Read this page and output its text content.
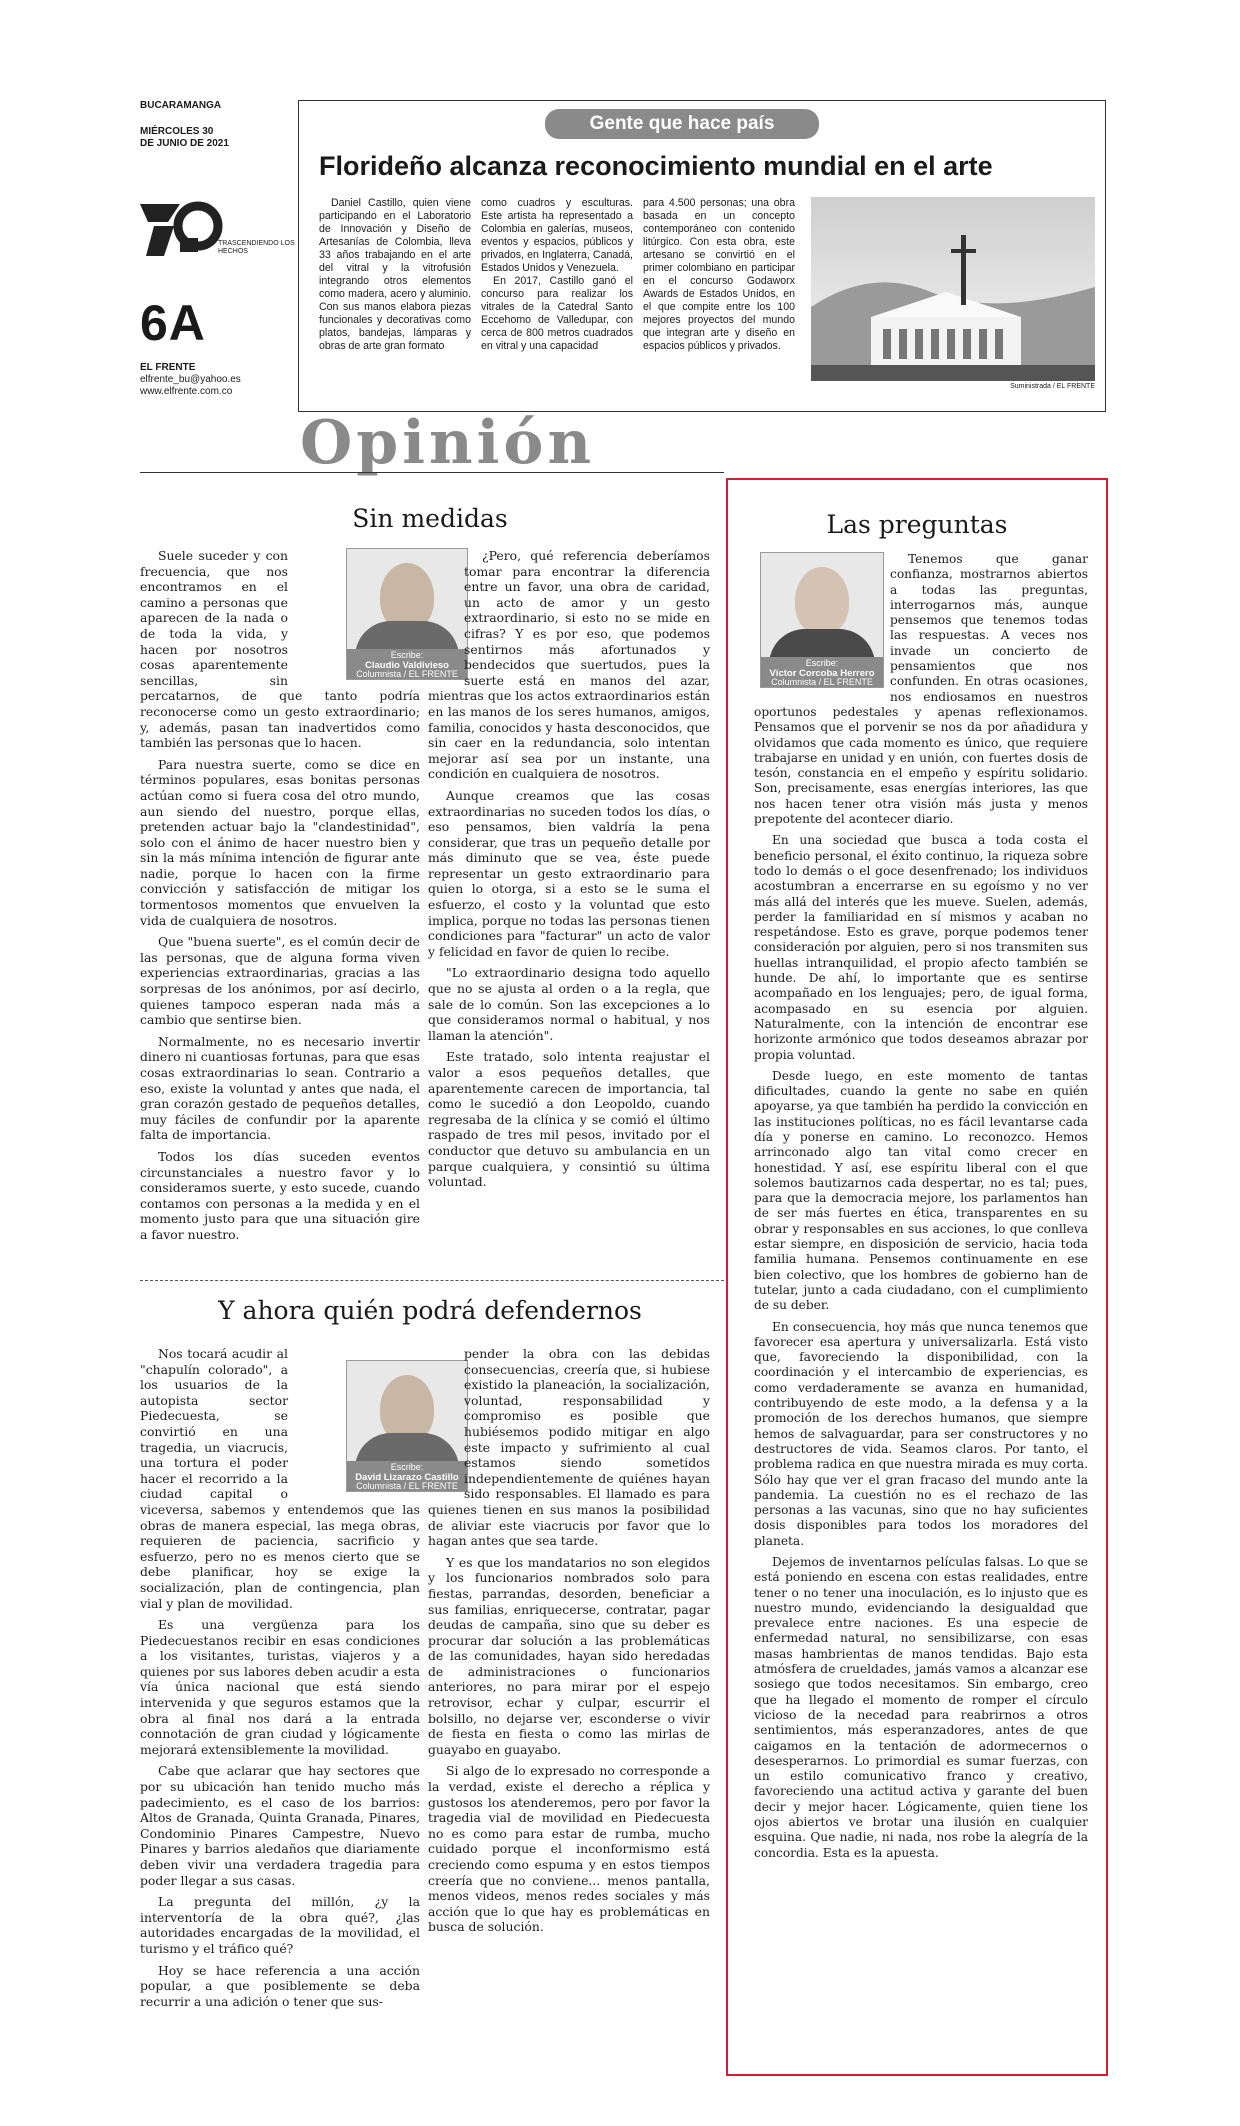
BUCARAMANGA
MIÉRCOLES 30
DE JUNIO DE 2021
TRASCENDIENDO LOS HECHOS
6A
EL FRENTE
elfrente_bu@yahoo.es
www.elfrente.com.co
Gente que hace país
Florideño alcanza reconocimiento mundial en el arte

Daniel Castillo, quien viene participando en el Laboratorio de Innovación y Diseño de Artesanías de Colombia, lleva 33 años trabajando en el arte del vitral y la vitrofusión integrando otros elementos como madera, acero y aluminio. Con sus manos elabora piezas funcionales y decorativas como platos, bandejas, lámparas y obras de arte gran formato

como cuadros y esculturas. Este artista ha representado a Colombia en galerías, museos, eventos y espacios, públicos y privados, en Inglaterra, Canadá, Estados Unidos y Venezuela.

En 2017, Castillo ganó el concurso para realizar los vitrales de la Catedral Santo Eccehomo de Valledupar, con cerca de 800 metros cuadrados en vitral y una capacidad

para 4.500 personas; una obra basada en un concepto contemporáneo con contenido litúrgico. Con esta obra, este artesano se convirtió en el primer colombiano en participar en el concurso Godaworx Awards de Estados Unidos, en el que compite entre los 100 mejores proyectos del mundo que integran arte y diseño en espacios públicos y privados.

Suministrada / EL FRENTE
Opinión
Sin medidas
Escribe:
Claudio Valdivieso
Columnista / EL FRENTE

Suele suceder y con frecuencia, que nos encontramos en el camino a personas que aparecen de la nada o de toda la vida, y hacen por nosotros cosas aparentemente sencillas, sin percatarnos, de que tanto podría reconocerse como un gesto extraordinario; y, además, pasan tan inadvertidos como también las personas que lo hacen.

Para nuestra suerte, como se dice en términos populares, esas bonitas personas actúan como si fuera cosa del otro mundo, aun siendo del nuestro, porque ellas, pretenden actuar bajo la "clandestinidad", solo con el ánimo de hacer nuestro bien y sin la más mínima intención de figurar ante nadie, porque lo hacen con la firme convicción y satisfacción de mitigar los tormentosos momentos que envuelven la vida de cualquiera de nosotros.

Que "buena suerte", es el común decir de las personas, que de alguna forma viven experiencias extraordinarias, gracias a las sorpresas de los anónimos, por así decirlo, quienes tampoco esperan nada más a cambio que sentirse bien.

Normalmente, no es necesario invertir dinero ni cuantiosas fortunas, para que esas cosas extraordinarias lo sean. Contrario a eso, existe la voluntad y antes que nada, el gran corazón gestado de pequeños detalles, muy fáciles de confundir por la aparente falta de importancia.

Todos los días suceden eventos circunstanciales a nuestro favor y lo consideramos suerte, y esto sucede, cuando contamos con personas a la medida y en el momento justo para que una situación gire a favor nuestro.

¿Pero, qué referencia deberíamos tomar para encontrar la diferencia entre un favor, una obra de caridad, un acto de amor y un gesto extraordinario, si esto no se mide en cifras? Y es por eso, que podemos sentirnos más afortunados y bendecidos que suertudos, pues la suerte está en manos del azar, mientras que los actos extraordinarios están en las manos de los seres humanos, amigos, familia, conocidos y hasta desconocidos, que sin caer en la redundancia, solo intentan mejorar así sea por un instante, una condición en cualquiera de nosotros.

Aunque creamos que las cosas extraordinarias no suceden todos los días, o eso pensamos, bien valdría la pena considerar, que tras un pequeño detalle por más diminuto que se vea, éste puede representar un gesto extraordinario para quien lo otorga, si a esto se le suma el esfuerzo, el costo y la voluntad que esto implica, porque no todas las personas tienen condiciones para "facturar" un acto de valor y felicidad en favor de quien lo recibe.

"Lo extraordinario designa todo aquello que no se ajusta al orden o a la regla, que sale de lo común. Son las excepciones a lo que consideramos normal o habitual, y nos llaman la atención".

Este tratado, solo intenta reajustar el valor a esos pequeños detalles, que aparentemente carecen de importancia, tal como le sucedió a don Leopoldo, cuando regresaba de la clínica y se comió el último raspado de tres mil pesos, invitado por el conductor que detuvo su ambulancia en un parque cualquiera, y consintió su última voluntad.

Y ahora quién podrá defendernos
Escribe:
David Lizarazo Castillo
Columnista / EL FRENTE

Nos tocará acudir al "chapulín colorado", a los usuarios de la autopista sector Piedecuesta, se convirtió en una tragedia, un viacrucis, una tortura el poder hacer el recorrido a la ciudad capital o viceversa, sabemos y entendemos que las obras de manera especial, las mega obras, requieren de paciencia, sacrificio y esfuerzo, pero no es menos cierto que se debe planificar, hoy se exige la socialización, plan de contingencia, plan vial y plan de movilidad.

Es una vergüenza para los Piedecuestanos recibir en esas condiciones a los visitantes, turistas, viajeros y a quienes por sus labores deben acudir a esta vía única nacional que está siendo intervenida y que seguros estamos que la obra al final nos dará a la entrada connotación de gran ciudad y lógicamente mejorará extensiblemente la movilidad.

Cabe que aclarar que hay sectores que por su ubicación han tenido mucho más padecimiento, es el caso de los barrios: Altos de Granada, Quinta Granada, Pinares, Condominio Pinares Campestre, Nuevo Pinares y barrios aledaños que diariamente deben vivir una verdadera tragedia para poder llegar a sus casas.

La pregunta del millón, ¿y la interventoría de la obra qué?, ¿las autoridades encargadas de la movilidad, el turismo y el tráfico qué?

Hoy se hace referencia a una acción popular, a que posiblemente se deba recurrir a una adición o tener que sus-

pender la obra con las debidas consecuencias, creería que, si hubiese existido la planeación, la socialización, voluntad, responsabilidad y compromiso es posible que hubiésemos podido mitigar en algo este impacto y sufrimiento al cual estamos siendo sometidos independientemente de quiénes hayan sido responsables. El llamado es para quienes tienen en sus manos la posibilidad de aliviar este viacrucis por favor que lo hagan antes que sea tarde.

Y es que los mandatarios no son elegidos y los funcionarios nombrados solo para fiestas, parrandas, desorden, beneficiar a sus familias, enriquecerse, contratar, pagar deudas de campaña, sino que su deber es procurar dar solución a las problemáticas de las comunidades, hayan sido heredadas de administraciones o funcionarios anteriores, no para mirar por el espejo retrovisor, echar y culpar, escurrir el bolsillo, no dejarse ver, esconderse o vivir de fiesta en fiesta o como las mirlas de guayabo en guayabo.

Si algo de lo expresado no corresponde a la verdad, existe el derecho a réplica y gustosos los atenderemos, pero por favor la tragedia vial de movilidad en Piedecuesta no es como para estar de rumba, mucho cuidado porque el inconformismo está creciendo como espuma y en estos tiempos creería que no conviene... menos pantalla, menos videos, menos redes sociales y más acción que lo que hay es problemáticas en busca de solución.

Las preguntas
Escribe:
Víctor Corcoba Herrero
Columnista / EL FRENTE

Tenemos que ganar confianza, mostrarnos abiertos a todas las preguntas, interrogarnos más, aunque pensemos que tenemos todas las respuestas. A veces nos invade un concierto de pensamientos que nos confunden. En otras ocasiones, nos endiosamos en nuestros oportunos pedestales y apenas reflexionamos. Pensamos que el porvenir se nos da por añadidura y olvidamos que cada momento es único, que requiere trabajarse en unidad y en unión, con fuertes dosis de tesón, constancia en el empeño y espíritu solidario. Son, precisamente, esas energías interiores, las que nos hacen tener otra visión más justa y menos prepotente del acontecer diario.

En una sociedad que busca a toda costa el beneficio personal, el éxito continuo, la riqueza sobre todo lo demás o el goce desenfrenado; los individuos acostumbran a encerrarse en su egoísmo y no ver más allá del interés que les mueve. Suelen, además, perder la familiaridad en sí mismos y acaban no respetándose. Esto es grave, porque podemos tener consideración por alguien, pero si nos transmiten sus huellas intranquilidad, el propio afecto también se hunde. De ahí, lo importante que es sentirse acompañado en los lenguajes; pero, de igual forma, acompasado en su esencia por alguien. Naturalmente, con la intención de encontrar ese horizonte armónico que todos deseamos abrazar por propia voluntad.

Desde luego, en este momento de tantas dificultades, cuando la gente no sabe en quién apoyarse, ya que también ha perdido la convicción en las instituciones políticas, no es fácil levantarse cada día y ponerse en camino. Lo reconozco. Hemos arrinconado algo tan vital como crecer en honestidad. Y así, ese espíritu liberal con el que solemos bautizarnos cada despertar, no es tal; pues, para que la democracia mejore, los parlamentos han de ser más fuertes en ética, transparentes en su obrar y responsables en sus acciones, lo que conlleva estar siempre, en disposición de servicio, hacia toda familia humana. Pensemos continuamente en ese bien colectivo, que los hombres de gobierno han de tutelar, junto a cada ciudadano, con el cumplimiento de su deber.

En consecuencia, hoy más que nunca tenemos que favorecer esa apertura y universalizarla. Está visto que, favoreciendo la disponibilidad, con la coordinación y el intercambio de experiencias, es como verdaderamente se avanza en humanidad, contribuyendo de este modo, a la defensa y a la promoción de los derechos humanos, que siempre hemos de salvaguardar, para ser constructores y no destructores de vida. Seamos claros. Por tanto, el problema radica en que nuestra mirada es muy corta. Sólo hay que ver el gran fracaso del mundo ante la pandemia. La cuestión no es el rechazo de las personas a las vacunas, sino que no hay suficientes dosis disponibles para todos los moradores del planeta.

Dejemos de inventarnos películas falsas. Lo que se está poniendo en escena con estas realidades, entre tener o no tener una inoculación, es lo injusto que es nuestro mundo, evidenciando la desigualdad que prevalece entre naciones. Es una especie de enfermedad natural, no sensibilizarse, con esas masas hambrientas de manos tendidas. Bajo esta atmósfera de crueldades, jamás vamos a alcanzar ese sosiego que todos necesitamos. Sin embargo, creo que ha llegado el momento de romper el círculo vicioso de la necedad para reabrirnos a otros sentimientos, más esperanzadores, antes de que caigamos en la tentación de adormecernos o desesperarnos. Lo primordial es sumar fuerzas, con un estilo comunicativo franco y creativo, favoreciendo una actitud activa y garante del buen decir y mejor hacer. Lógicamente, quien tiene los ojos abiertos ve brotar una ilusión en cualquier esquina. Que nadie, ni nada, nos robe la alegría de la concordia. Esta es la apuesta.
